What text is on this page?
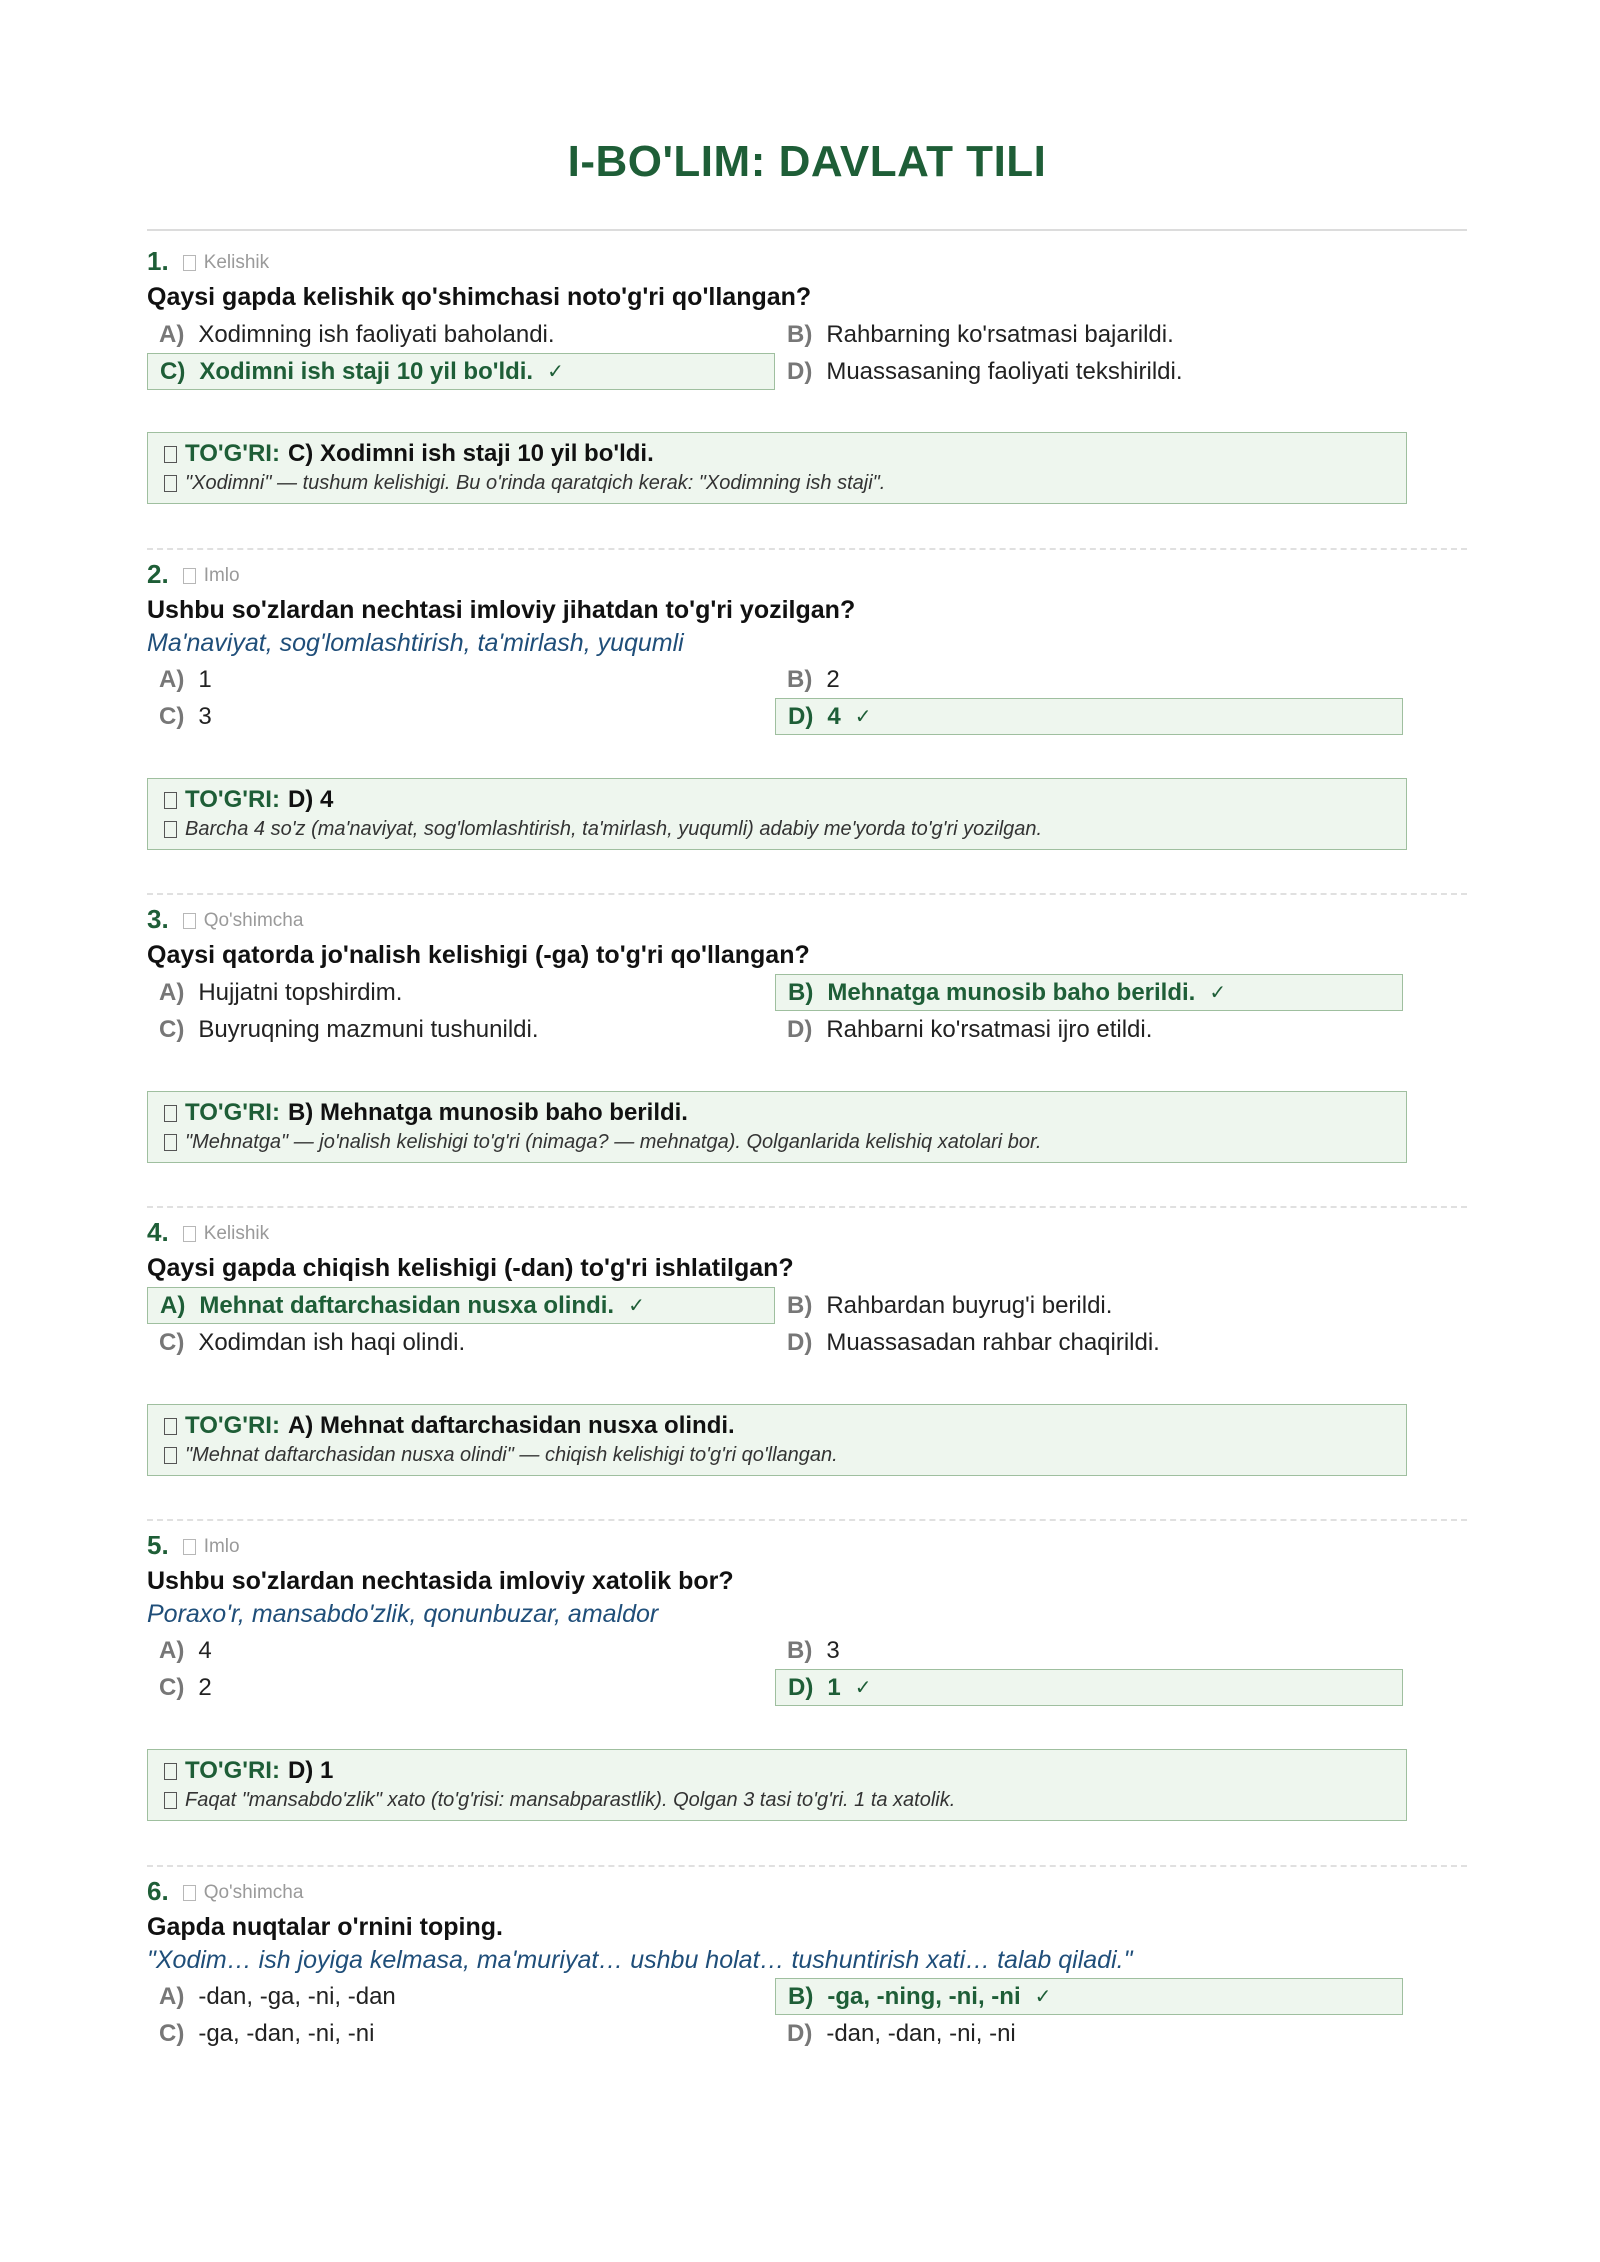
I-BO'LIM: DAVLAT TILI
1. Kelishik
Qaysi gapda kelishik qo'shimchasi noto'g'ri qo'llangan?
A) Xodimning ish faoliyati baholandi.	B) Rahbarning ko'rsatmasi bajarildi.
C) Xodimni ish staji 10 yil bo'ldi. ✓	D) Muassasaning faoliyati tekshirildi.
TO'G'RI: C) Xodimni ish staji 10 yil bo'ldi.
"Xodimni" — tushum kelishigi. Bu o'rinda qaratqich kerak: "Xodimning ish staji".
2. Imlo
Ushbu so'zlardan nechtasi imloviy jihatdan to'g'ri yozilgan?
Ma'naviyat, sog'lomlashtirish, ta'mirlash, yuqumli
A) 1	B) 2
C) 3	D) 4 ✓
TO'G'RI: D) 4
Barcha 4 so'z (ma'naviyat, sog'lomlashtirish, ta'mirlash, yuqumli) adabiy me'yorda to'g'ri yozilgan.
3. Qo'shimcha
Qaysi qatorda jo'nalish kelishigi (-ga) to'g'ri qo'llangan?
A) Hujjatni topshirdim.	B) Mehnatga munosib baho berildi. ✓
C) Buyruqning mazmuni tushunildi.	D) Rahbarni ko'rsatmasi ijro etildi.
TO'G'RI: B) Mehnatga munosib baho berildi.
"Mehnatga" — jo'nalish kelishigi to'g'ri (nimaga? — mehnatga). Qolganlarida kelishiq xatolari bor.
4. Kelishik
Qaysi gapda chiqish kelishigi (-dan) to'g'ri ishlatilgan?
A) Mehnat daftarchasidan nusxa olindi. ✓	B) Rahbardan buyrug'i berildi.
C) Xodimdan ish haqi olindi.	D) Muassasadan rahbar chaqirildi.
TO'G'RI: A) Mehnat daftarchasidan nusxa olindi.
"Mehnat daftarchasidan nusxa olindi" — chiqish kelishigi to'g'ri qo'llangan.
5. Imlo
Ushbu so'zlardan nechtasida imloviy xatolik bor?
Poraxo'r, mansabdo'zlik, qonunbuzar, amaldor
A) 4	B) 3
C) 2	D) 1 ✓
TO'G'RI: D) 1
Faqat "mansabdo'zlik" xato (to'g'risi: mansabparastlik). Qolgan 3 tasi to'g'ri. 1 ta xatolik.
6. Qo'shimcha
Gapda nuqtalar o'rnini toping.
"Xodim… ish joyiga kelmasa, ma'muriyat… ushbu holat… tushuntirish xati… talab qiladi."
A) -dan, -ga, -ni, -dan	B) -ga, -ning, -ni, -ni ✓
C) -ga, -dan, -ni, -ni	D) -dan, -dan, -ni, -ni
